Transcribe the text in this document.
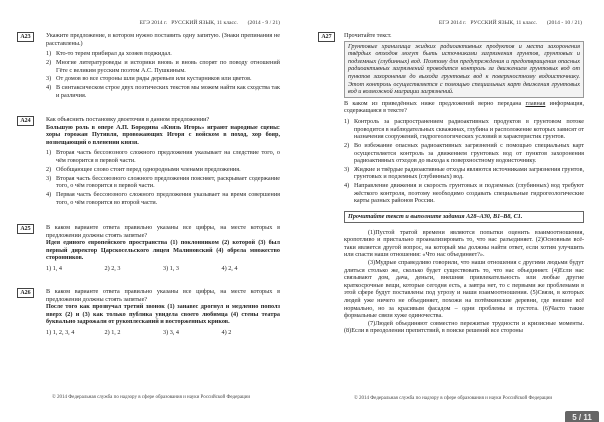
ЕГЭ 2014 г.   РУССКИЙ ЯЗЫК, 11 класс.       (2014 - 9 / 21)
A23	Укажите предложение, в котором нужно поставить одну запятую. (Знаки препинания не расставлены.)
1) Кто-то терем прибирал да хозяев поджидал.
2) Многие литературоведы и историки вновь и вновь спорят по поводу отношений Гёте с великим русским поэтом А.С. Пушкиным.
3) От домов во все стороны шли ряды деревьев или кустарников или цветов.
4) В синтаксическом строе двух поэтических текстов мы можем найти как сходства так и различия.
A24	Как объяснить постановку двоеточия в данном предложении?
Большую роль в опере А.П. Бородина «Князь Игорь» играют народные сцены: хоры горожан Путивля, провожающих Игоря с войском в поход, хор бояр, возвещающий о пленении князя.
1) Вторая часть бессоюзного сложного предложения указывает на следствие того, о чём говорится в первой части.
2) Обобщающее слово стоит перед однородными членами предложения.
3) Вторая часть бессоюзного сложного предложения поясняет, раскрывает содержание того, о чём говорится в первой части.
4) Первая часть бессоюзного сложного предложения указывает на время совершения того, о чём говорится во второй части.
A25	В каком варианте ответа правильно указаны все цифры, на месте которых в предложении должны стоять запятые?
Идея единого европейского пространства (1) поклонником (2) которой (3) был первый директор Царскосельского лицея Малиновский (4) обрела множество сторонников.
1) 1, 4	2) 2, 3	3) 1, 3	4) 2, 4
A26	В каком варианте ответа правильно указаны все цифры, на месте которых в предложении должны стоять запятые?
После того как прозвучал третий звонок (1) занавес дрогнул и медленно пополз вверх (2) и (3) как только публика увидела своего любимца (4) стены театра буквально задрожали от рукоплесканий и восторженных криков.
1) 1, 2, 3, 4	2) 1, 2	3) 3, 4	4) 2
© 2014 Федеральная служба по надзору в сфере образования и науки Российской Федерации
ЕГЭ 2014 г.   РУССКИЙ ЯЗЫК, 11 класс.       (2014 - 10 / 21)
A27	Прочитайте текст.
Грунтовые хранилища жидких радиоактивных продуктов и места захоронения твёрдых отходов могут быть источниками загрязнения грунтов, грунтовых и подземных (глубинных) вод. Поэтому для предупреждения и предотвращения опасных радиоактивных загрязнений проводится контроль за движением грунтовых вод от пунктов захоронения до выхода грунтовых вод к поверхностному водоисточнику. Этот контроль осуществляется с помощью специальных карт движения грунтовых вод и возможной миграции загрязнений.
В каком из приведённых ниже предложений верно передана главная информация, содержащаяся в тексте?
1) Контроль за распространением радиоактивных продуктов в грунтовом потоке проводится в наблюдательных скважинах, глубина и расположение которых зависят от назначения сооружений, гидрогеологических условий и характеристик грунтов.
2) Во избежание опасных радиоактивных загрязнений с помощью специальных карт осуществляется контроль за движением грунтовых вод от пунктов захоронения радиоактивных отходов до выхода к поверхностному водоисточнику.
3) Жидкие и твёрдые радиоактивные отходы являются источниками загрязнения грунтов, грунтовых и подземных (глубинных) вод.
4) Направление движения и скорость грунтовых и подземных (глубинных) вод требуют жёсткого контроля, поэтому необходимо создавать специальные гидрогеологические карты разных районов России.
Прочитайте текст и выполните задания A28–A30, B1–B8, C1.
(1)Пустой тратой времени являются попытки оценить взаимоотношения, кропотливо и пристально проанализировать то, что нас разъединяет. (2)Основным всё-таки является другой вопрос, на который мы должны найти ответ, если хотим улучшить или спасти наши отношения: «Что нас объединяет?».
(3)Мудрые справедливо говорили, что наши отношения с другими людьми будут длиться столько же, сколько будет существовать то, что нас объединяет. (4)Если нас связывают дом, дача, деньги, внешняя привлекательность или любые другие краткосрочные вещи, которые сегодня есть, а завтра нет, то с первыми же проблемами в этой сфере будут поставлены под угрозу и наши взаимоотношения. (5)Связи, в которых людей уже ничего не объединяет, похожи на потёмкинские деревни, где внешне всё нормально, но за красивым фасадом – одни проблемы и пустота. (6)Часто такие формальные связи хуже одиночества.
(7)Людей объединяют совместно пережитые трудности и кризисные моменты. (8)Если в преодолении препятствий, в поиске решений все стороны
© 2014 Федеральная служба по надзору в сфере образования и науки Российской Федерации
5 / 11
